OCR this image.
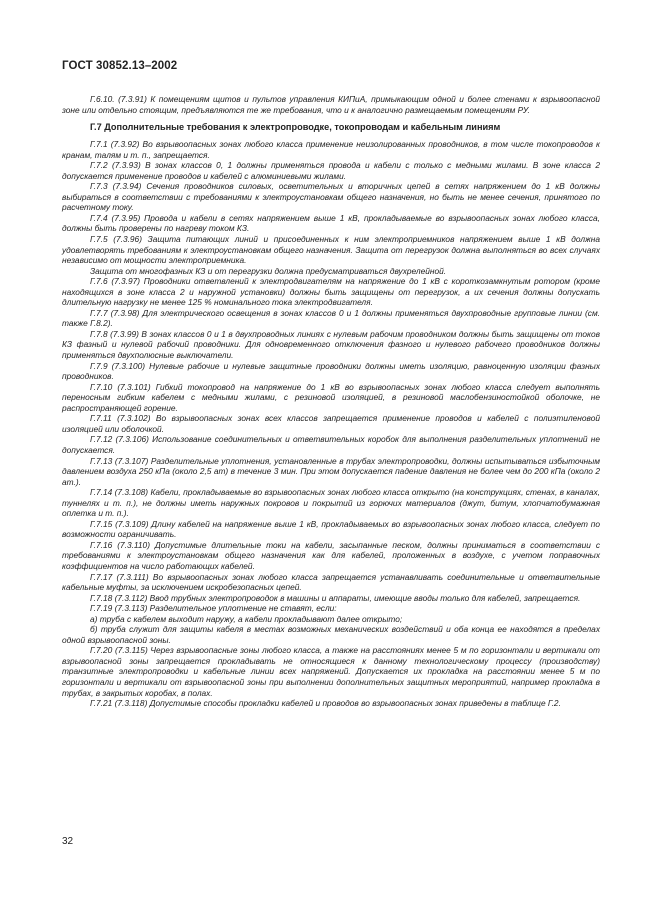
ГОСТ 30852.13–2002

Г.6.10. (7.3.91) К помещениям щитов и пультов управления КИПиА, примыкающим одной и более стенами к взрывоопасной зоне или отдельно стоящим, предъявляются те же требования, что и к аналогично размещаемым помещениям РУ.

Г.7 Дополнительные требования к электропроводке, токопроводам и кабельным линиям

Г.7.1 (7.3.92) Во взрывоопасных зонах любого класса применение неизолированных проводников, в том числе токопроводов к кранам, талям и т. п., запрещается.

Г.7.2 (7.3.93) В зонах классов 0, 1 должны применяться провода и кабели с только с медными жилами. В зоне класса 2 допускается применение проводов и кабелей с алюминиевыми жилами.

Г.7.3 (7.3.94) Сечения проводников силовых, осветительных и вторичных цепей в сетях напряжением до 1 кВ должны выбираться в соответствии с требованиями к электроустановкам общего назначения, но быть не менее сечения, принятого по расчетному току.

Г.7.4 (7.3.95) Провода и кабели в сетях напряжением выше 1 кВ, прокладываемые во взрывоопасных зонах любого класса, должны быть проверены по нагреву током КЗ.

Г.7.5 (7.3.96) Защита питающих линий и присоединенных к ним электроприемников напряжением выше 1 кВ должна удовлетворять требованиям к электроустановкам общего назначения. Защита от перегрузок должна выполняться во всех случаях независимо от мощности электроприемника.

Защита от многофазных КЗ и от перегрузки должна предусматриваться двухрелейной.

Г.7.6 (7.3.97) Проводники ответвлений к электродвигателям на напряжение до 1 кВ с короткозамкнутым ротором (кроме находящихся в зоне класса 2 и наружной установки) должны быть защищены от перегрузок, а их сечения должны допускать длительную нагрузку не менее 125 % номинального тока электродвигателя.

Г.7.7 (7.3.98) Для электрического освещения в зонах классов 0 и 1 должны применяться двухпроводные групповые линии (см. также Г.8.2).

Г.7.8 (7.3.99) В зонах классов 0 и 1 в двухпроводных линиях с нулевым рабочим проводником должны быть защищены от токов КЗ фазный и нулевой рабочий проводники. Для одновременного отключения фазного и нулевого рабочего проводников должны применяться двухполюсные выключатели.

Г.7.9 (7.3.100) Нулевые рабочие и нулевые защитные проводники должны иметь изоляцию, равноценную изоляции фазных проводников.

Г.7.10 (7.3.101) Гибкий токопровод на напряжение до 1 кВ во взрывоопасных зонах любого класса следует выполнять переносным гибким кабелем с медными жилами, с резиновой изоляцией, в резиновой маслобензиностойкой оболочке, не распространяющей горение.

Г.7.11 (7.3.102) Во взрывоопасных зонах всех классов запрещается применение проводов и кабелей с полиэтиленовой изоляцией или оболочкой.

Г.7.12 (7.3.106) Использование соединительных и ответвительных коробок для выполнения разделительных уплотнений не допускается.

Г.7.13 (7.3.107) Разделительные уплотнения, установленные в трубах электропроводки, должны испытываться избыточным давлением воздуха 250 кПа (около 2,5 ат) в течение 3 мин. При этом допускается падение давления не более чем до 200 кПа (около 2 ат.).

Г.7.14 (7.3.108) Кабели, прокладываемые во взрывоопасных зонах любого класса открыто (на конструкциях, стенах, в каналах, туннелях и т. п.), не должны иметь наружных покровов и покрытий из горючих материалов (джут, битум, хлопчатобумажная оплетка и т. п.).

Г.7.15 (7.3.109) Длину кабелей на напряжение выше 1 кВ, прокладываемых во взрывоопасных зонах любого класса, следует по возможности ограничивать.

Г.7.16 (7.3.110) Допустимые длительные токи на кабели, засыпанные песком, должны приниматься в соответствии с требованиями к электроустановкам общего назначения как для кабелей, проложенных в воздухе, с учетом поправочных коэффициентов на число работающих кабелей.

Г.7.17 (7.3.111) Во взрывоопасных зонах любого класса запрещается устанавливать соединительные и ответвительные кабельные муфты, за исключением искробезопасных цепей.

Г.7.18 (7.3.112) Ввод трубных электропроводок в машины и аппараты, имеющие вводы только для кабелей, запрещается.

Г.7.19 (7.3.113) Разделительное уплотнение не ставят, если:

а) труба с кабелем выходит наружу, а кабели прокладывают далее открыто;

б) труба служит для защиты кабеля в местах возможных механических воздействий и оба конца ее находятся в пределах одной взрывоопасной зоны.

Г.7.20 (7.3.115) Через взрывоопасные зоны любого класса, а также на расстояниях менее 5 м по горизонтали и вертикали от взрывоопасной зоны запрещается прокладывать не относящиеся к данному технологическому процессу (производству) транзитные электропроводки и кабельные линии всех напряжений. Допускается их прокладка на расстоянии менее 5 м по горизонтали и вертикали от взрывоопасной зоны при выполнении дополнительных защитных мероприятий, например прокладка в трубах, в закрытых коробах, в полах.

Г.7.21 (7.3.118) Допустимые способы прокладки кабелей и проводов во взрывоопасных зонах приведены в таблице Г.2.

32
